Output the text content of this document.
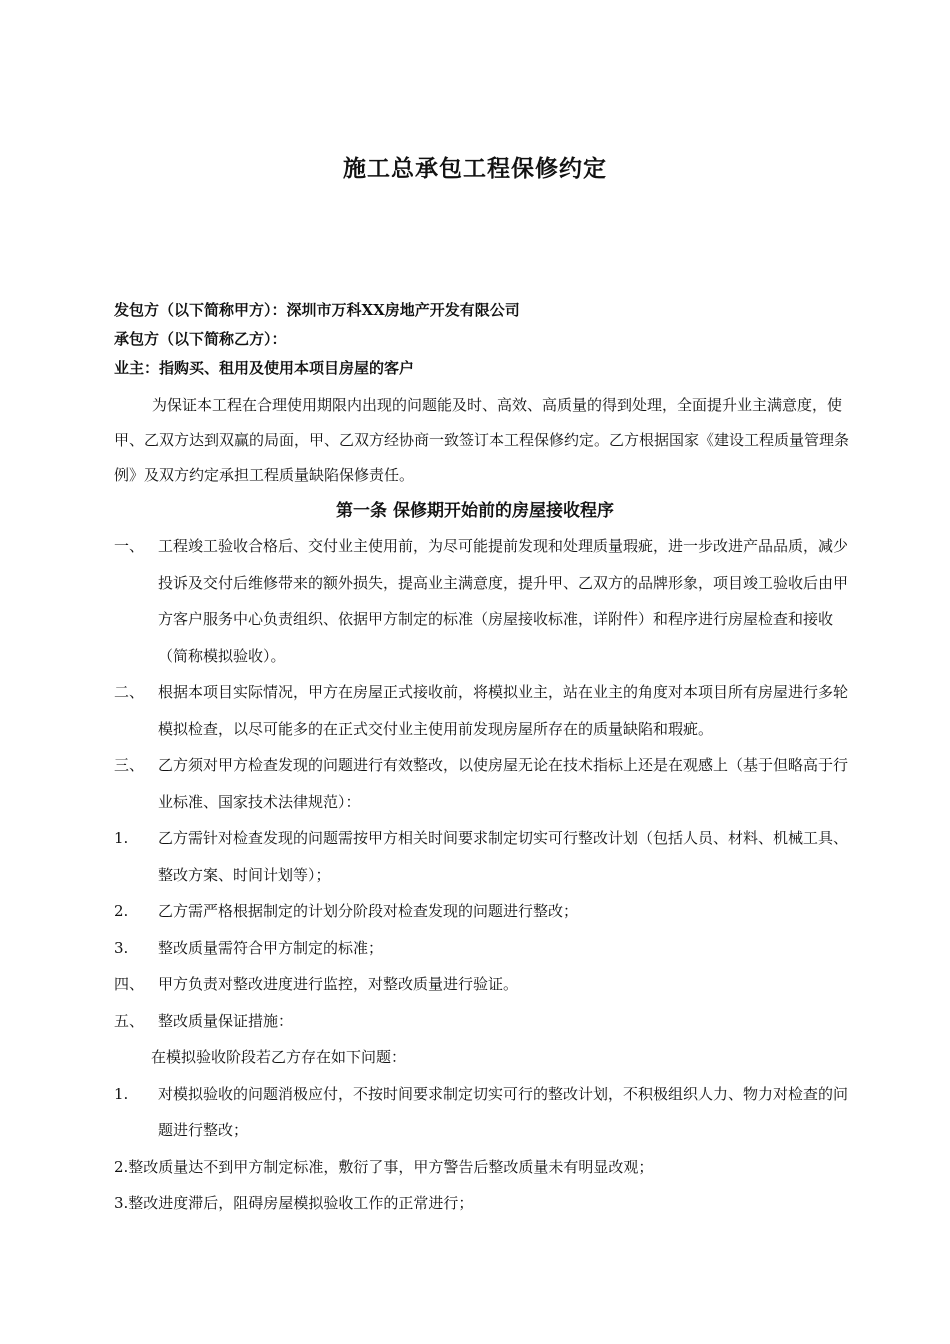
施工总承包工程保修约定
发包方（以下简称甲方）：深圳市万科XX房地产开发有限公司
承包方（以下简称乙方）：
业主：指购买、租用及使用本项目房屋的客户

为保证本工程在合理使用期限内出现的问题能及时、高效、高质量的得到处理，全面提升业主满意度，使甲、乙双方达到双赢的局面，甲、乙双方经协商一致签订本工程保修约定。乙方根据国家《建设工程质量管理条例》及双方约定承担工程质量缺陷保修责任。

第一条 保修期开始前的房屋接收程序
一、 工程竣工验收合格后、交付业主使用前，为尽可能提前发现和处理质量瑕疵，进一步改进产品品质，减少投诉及交付后维修带来的额外损失，提高业主满意度，提升甲、乙双方的品牌形象，项目竣工验收后由甲方客户服务中心负责组织、依据甲方制定的标准（房屋接收标准，详附件）和程序进行房屋检查和接收（简称模拟验收）。
二、 根据本项目实际情况，甲方在房屋正式接收前，将模拟业主，站在业主的角度对本项目所有房屋进行多轮模拟检查，以尽可能多的在正式交付业主使用前发现房屋所存在的质量缺陷和瑕疵。
三、 乙方须对甲方检查发现的问题进行有效整改，以使房屋无论在技术指标上还是在观感上（基于但略高于行业标准、国家技术法律规范）：
1.	乙方需针对检查发现的问题需按甲方相关时间要求制定切实可行整改计划（包括人员、材料、机械工具、整改方案、时间计划等）；
2.	乙方需严格根据制定的计划分阶段对检查发现的问题进行整改；
3.	整改质量需符合甲方制定的标准；
四、 甲方负责对整改进度进行监控，对整改质量进行验证。
五、 整改质量保证措施：
在模拟验收阶段若乙方存在如下问题：
1.	对模拟验收的问题消极应付，不按时间要求制定切实可行的整改计划，不积极组织人力、物力对检查的问题进行整改；
2.整改质量达不到甲方制定标准，敷衍了事，甲方警告后整改质量未有明显改观；
3.整改进度滞后，阻碍房屋模拟验收工作的正常进行；
